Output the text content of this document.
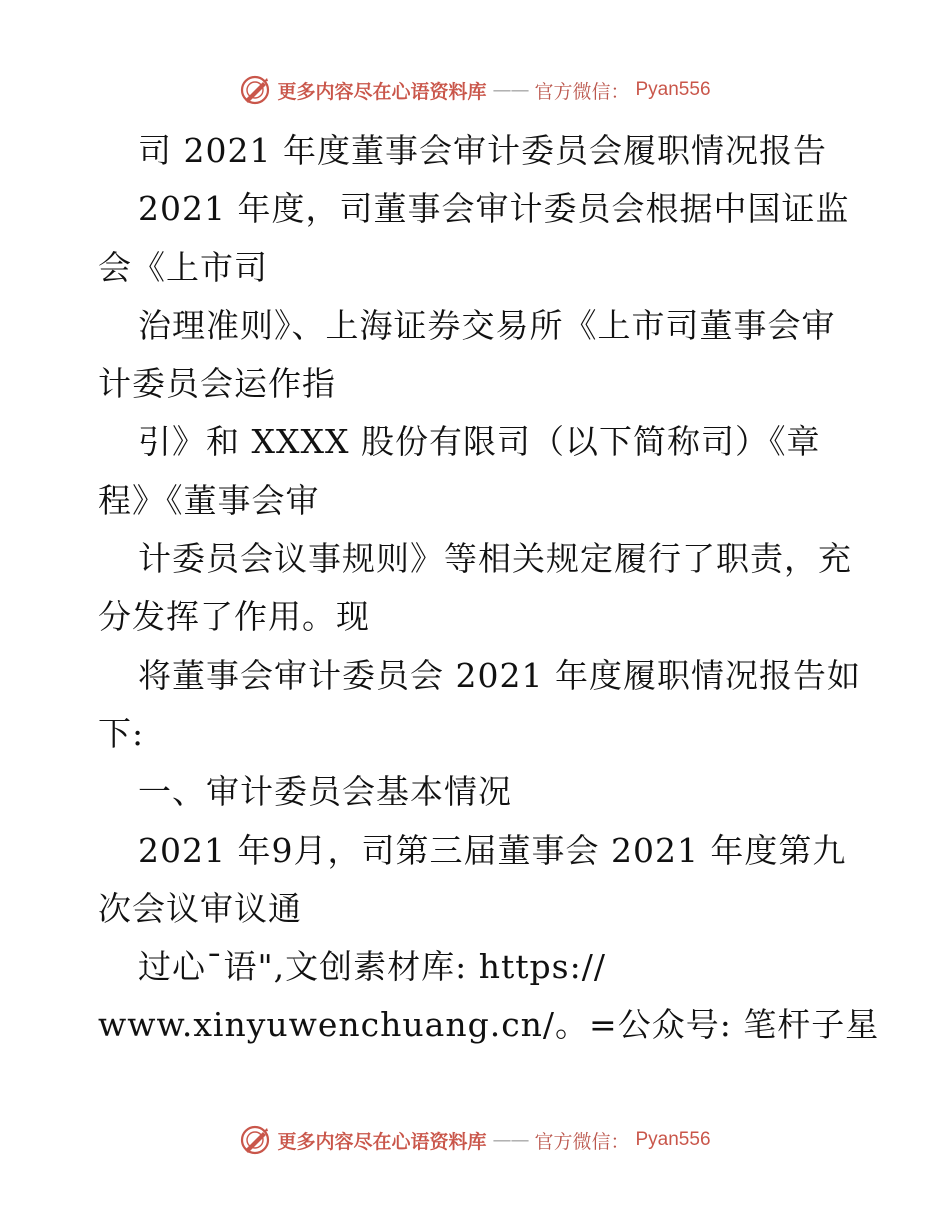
更多内容尽在心语资料库 —— 官方微信： Pyan556
司 2021 年度董事会审计委员会履职情况报告
2021 年度，司董事会审计委员会根据中国证监
会《上市司
治理准则》、上海证券交易所《上市司董事会审
计委员会运作指
引》和 XXXX 股份有限司（以下简称司）《章
程》《董事会审
计委员会议事规则》等相关规定履行了职责，充
分发挥了作用。现
将董事会审计委员会 2021 年度履职情况报告如
下:
一、审计委员会基本情况
2021 年9月，司第三届董事会 2021 年度第九
次会议审议通
过心¯语",文创素材库: https://
www.xinyuwenchuang.cn/。=公众号: 笔杆子星
更多内容尽在心语资料库 —— 官方微信： Pyan556
